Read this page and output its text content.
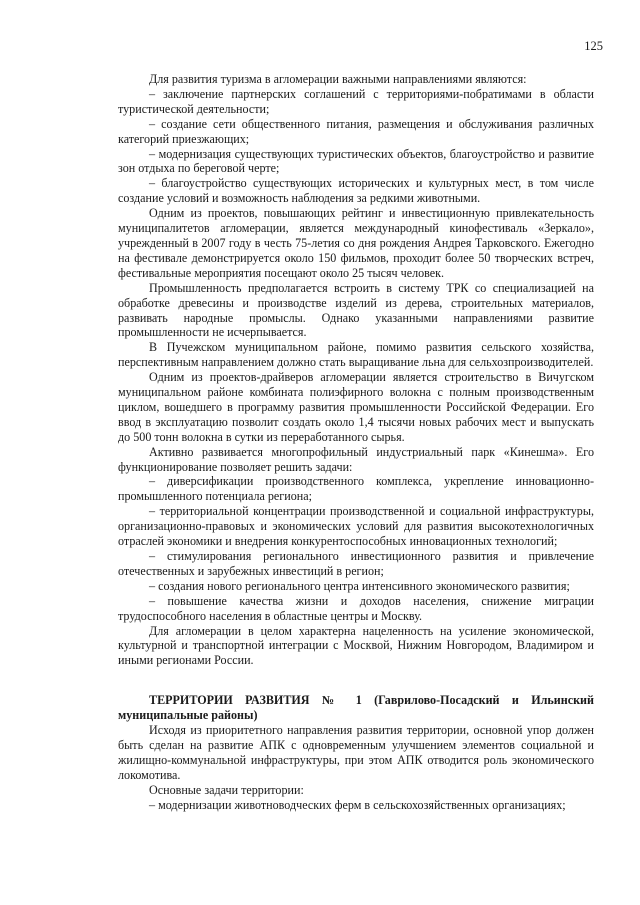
125

Для развития туризма в агломерации важными направлениями являются:

– заключение партнерских соглашений с территориями-побратимами в области туристической деятельности;

– создание сети общественного питания, размещения и обслуживания различных категорий приезжающих;

– модернизация существующих туристических объектов, благоустройство и развитие зон отдыха по береговой черте;

– благоустройство существующих исторических и культурных мест, в том числе создание условий и возможность наблюдения за редкими животными.

Одним из проектов, повышающих рейтинг и инвестиционную привлекательность муниципалитетов агломерации, является международный кинофестиваль «Зеркало», учрежденный в 2007 году в честь 75-летия со дня рождения Андрея Тарковского. Ежегодно на фестивале демонстрируется около 150 фильмов, проходит более 50 творческих встреч, фестивальные мероприятия посещают около 25 тысяч человек.

Промышленность предполагается встроить в систему ТРК со специализацией на обработке древесины и производстве изделий из дерева, строительных материалов, развивать народные промыслы. Однако указанными направлениями развитие промышленности не исчерпывается.

В Пучежском муниципальном районе, помимо развития сельского хозяйства, перспективным направлением должно стать выращивание льна для сельхозпроизводителей.

Одним из проектов-драйверов агломерации является строительство в Вичугском муниципальном районе комбината полиэфирного волокна с полным производственным циклом, вошедшего в программу развития промышленности Российской Федерации. Его ввод в эксплуатацию позволит создать около 1,4 тысячи новых рабочих мест и выпускать до 500 тонн волокна в сутки из переработанного сырья.

Активно развивается многопрофильный индустриальный парк «Кинешма». Его функционирование позволяет решить задачи:

– диверсификации производственного комплекса, укрепление инновационно-промышленного потенциала региона;

– территориальной концентрации производственной и социальной инфраструктуры, организационно-правовых и экономических условий для развития высокотехнологичных отраслей экономики и внедрения конкурентоспособных инновационных технологий;

– стимулирования регионального инвестиционного развития и привлечение отечественных и зарубежных инвестиций в регион;

– создания нового регионального центра интенсивного экономического развития;

– повышение качества жизни и доходов населения, снижение миграции трудоспособного населения в областные центры и Москву.

Для агломерации в целом характерна нацеленность на усиление экономической, культурной и транспортной интеграции с Москвой, Нижним Новгородом, Владимиром и иными регионами России.

ТЕРРИТОРИИ РАЗВИТИЯ № 1 (Гаврилово-Посадский и Ильинский муниципальные районы)

Исходя из приоритетного направления развития территории, основной упор должен быть сделан на развитие АПК с одновременным улучшением элементов социальной и жилищно-коммунальной инфраструктуры, при этом АПК отводится роль экономического локомотива.

Основные задачи территории:

– модернизации животноводческих ферм в сельскохозяйственных организациях;
